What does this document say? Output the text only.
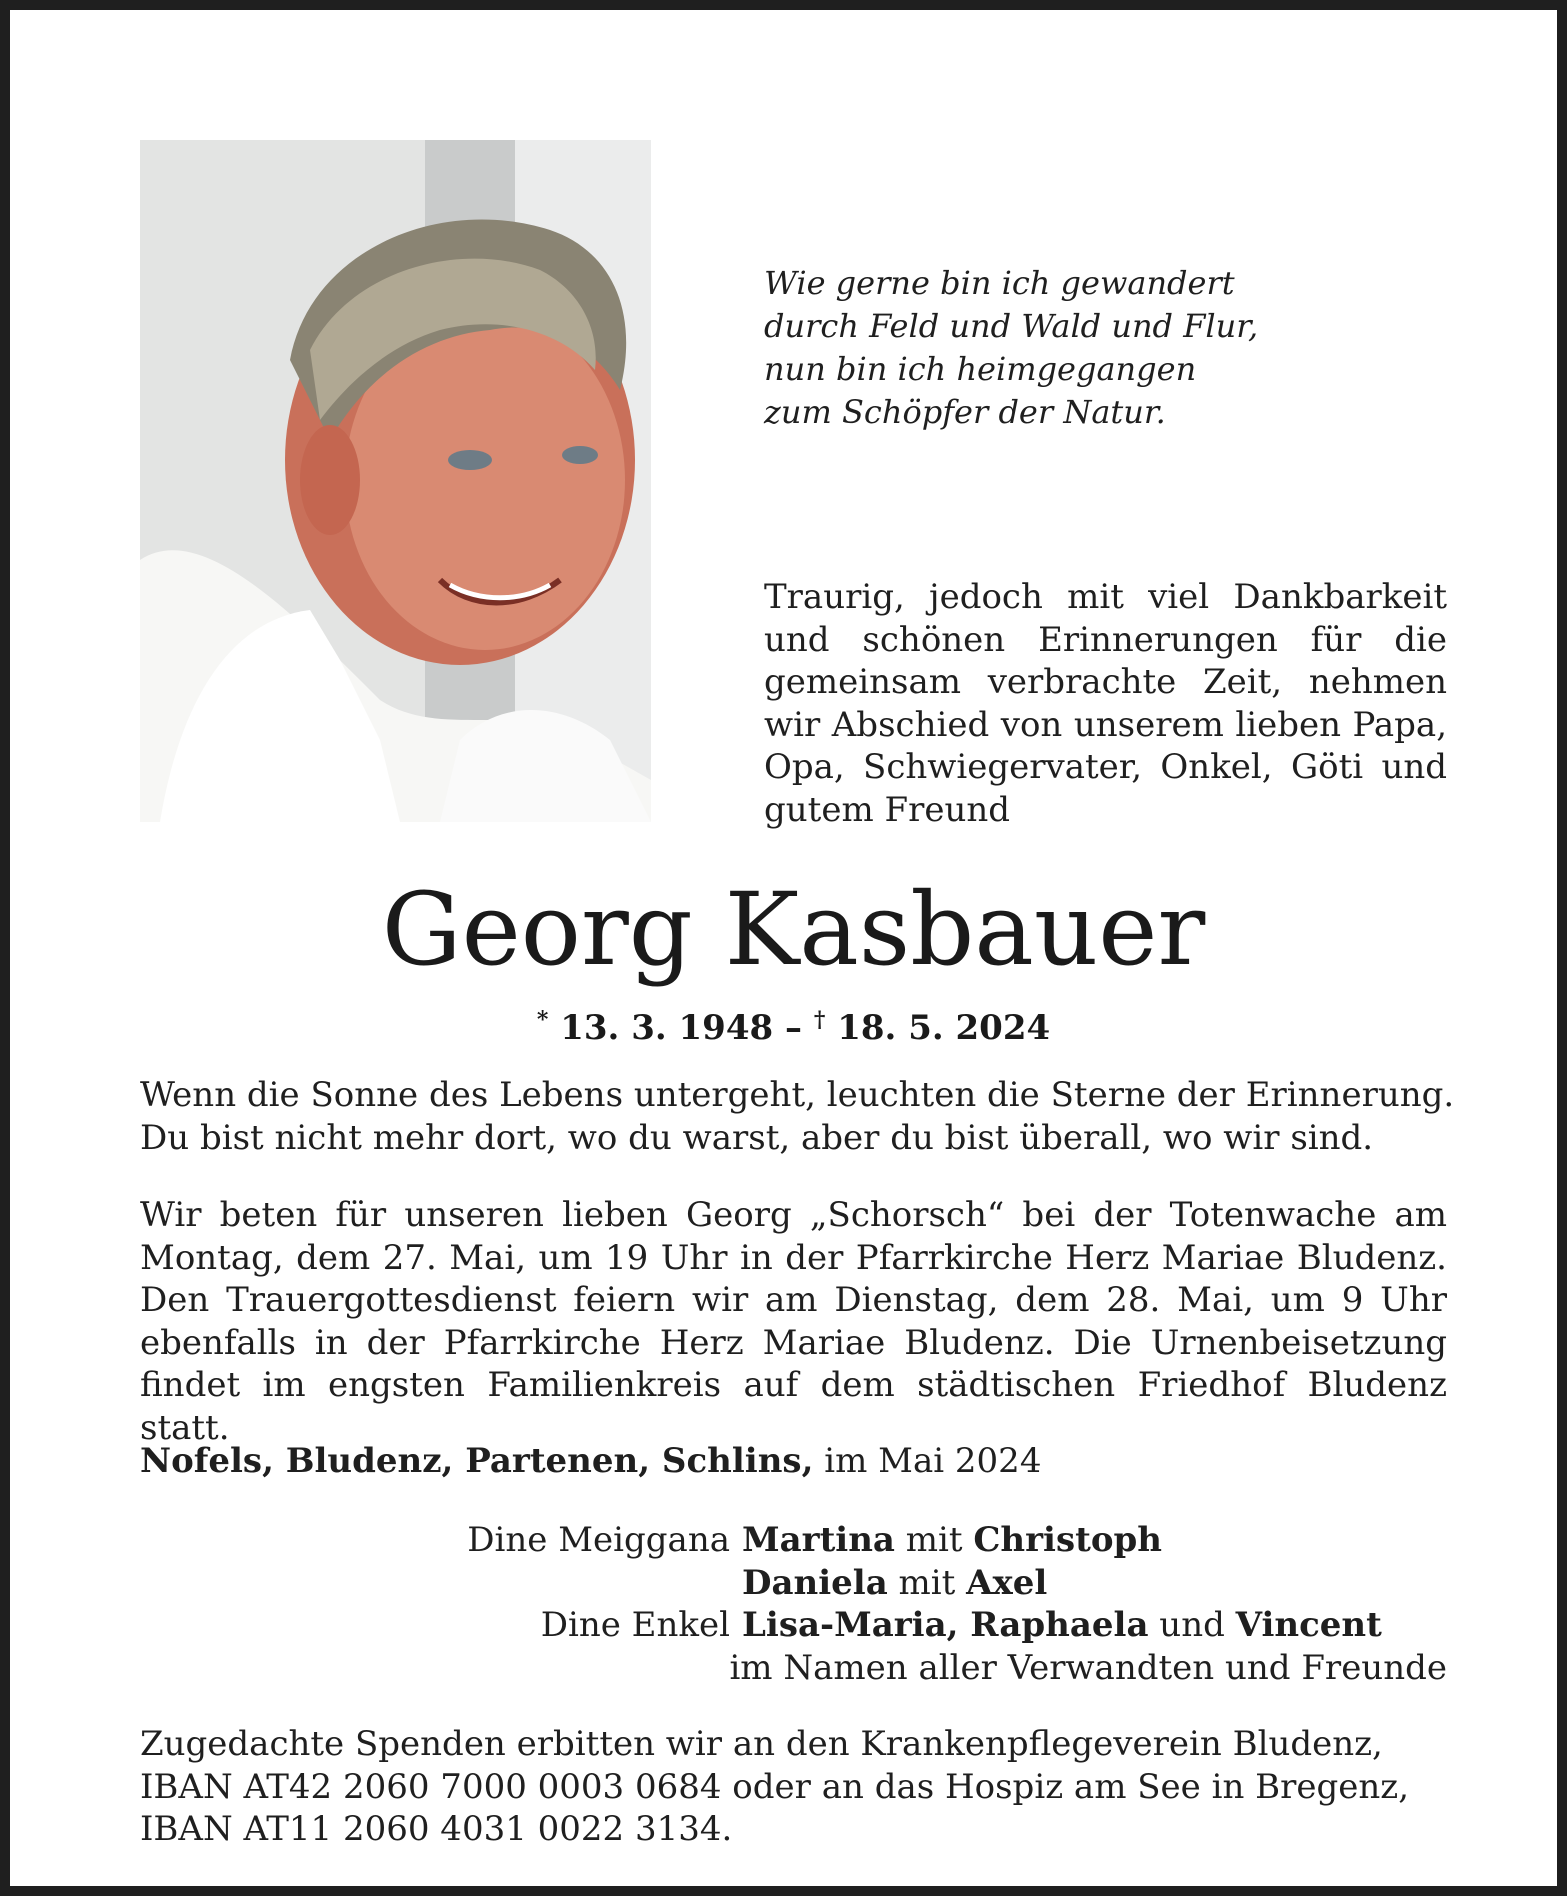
Wie gerne bin ich gewandert
durch Feld und Wald und Flur,
nun bin ich heimgegangen
zum Schöpfer der Natur.
Traurig, jedoch mit viel Dankbarkeit und schönen Erinnerungen für die gemeinsam verbrachte Zeit, nehmen wir Abschied von unserem lieben Papa, Opa, Schwiegervater, Onkel, Göti und gutem Freund
Georg Kasbauer
* 13. 3. 1948 – † 18. 5. 2024
Wenn die Sonne des Lebens untergeht, leuchten die Sterne der Erinnerung.
Du bist nicht mehr dort, wo du warst, aber du bist überall, wo wir sind.
Wir beten für unseren lieben Georg „Schorsch“ bei der Totenwache am Montag, dem 27. Mai, um 19 Uhr in der Pfarrkirche Herz Mariae Bludenz. Den Trauergottesdienst feiern wir am Dienstag, dem 28. Mai, um 9 Uhr ebenfalls in der Pfarrkirche Herz Mariae Bludenz. Die Urnenbeisetzung findet im engsten Familienkreis auf dem städtischen Friedhof Bludenz statt.
Nofels, Bludenz, Partenen, Schlins, im Mai 2024
Dine Meiggana Martina mit Christoph
Daniela mit Axel
Dine Enkel Lisa-Maria, Raphaela und Vincent
im Namen aller Verwandten und Freunde
Zugedachte Spenden erbitten wir an den Krankenpflegeverein Bludenz,
IBAN AT42 2060 7000 0003 0684 oder an das Hospiz am See in Bregenz,
IBAN AT11 2060 4031 0022 3134.
